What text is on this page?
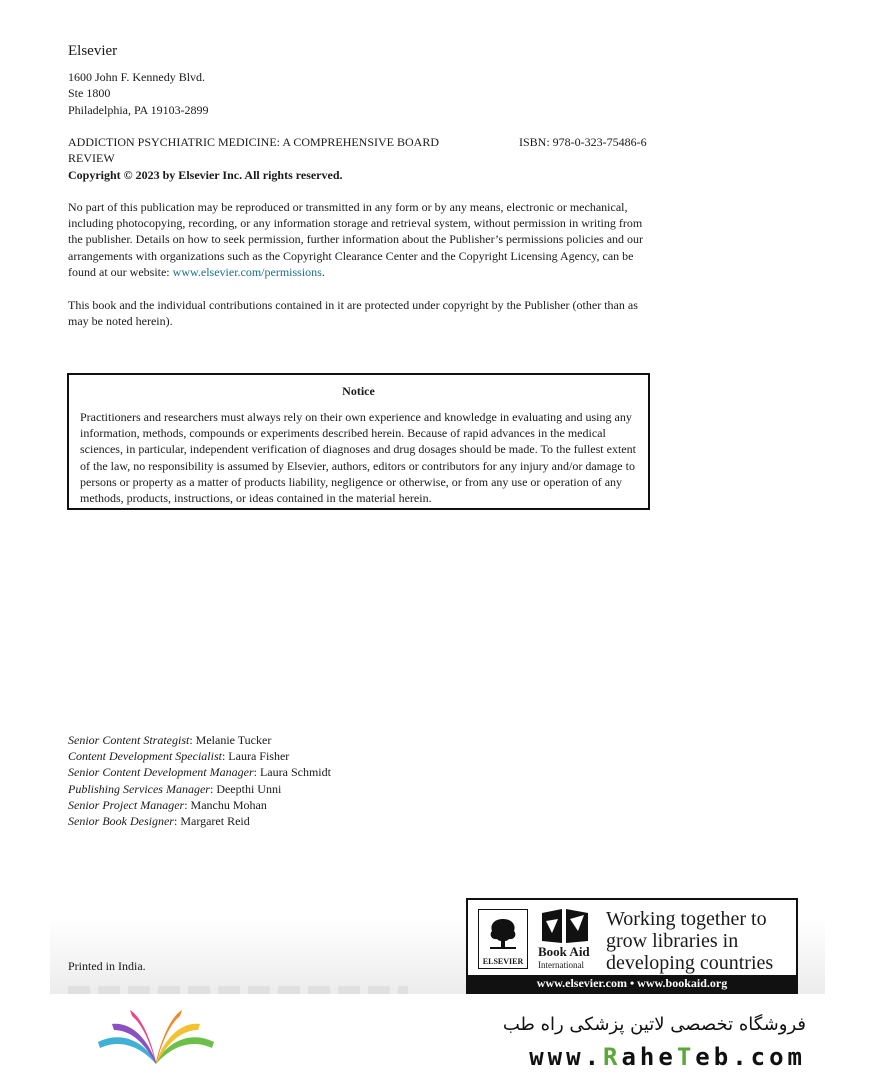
Elsevier
1600 John F. Kennedy Blvd.
Ste 1800
Philadelphia, PA 19103-2899
ADDICTION PSYCHIATRIC MEDICINE: A COMPREHENSIVE BOARD REVIEW
ISBN: 978-0-323-75486-6
Copyright © 2023 by Elsevier Inc. All rights reserved.
No part of this publication may be reproduced or transmitted in any form or by any means, electronic or mechanical, including photocopying, recording, or any information storage and retrieval system, without permission in writing from the publisher. Details on how to seek permission, further information about the Publisher’s permissions policies and our arrangements with organizations such as the Copyright Clearance Center and the Copyright Licensing Agency, can be found at our website: www.elsevier.com/permissions.
This book and the individual contributions contained in it are protected under copyright by the Publisher (other than as may be noted herein).
Notice
Practitioners and researchers must always rely on their own experience and knowledge in evaluating and using any information, methods, compounds or experiments described herein. Because of rapid advances in the medical sciences, in particular, independent verification of diagnoses and drug dosages should be made. To the fullest extent of the law, no responsibility is assumed by Elsevier, authors, editors or contributors for any injury and/or damage to persons or property as a matter of products liability, negligence or otherwise, or from any use or operation of any methods, products, instructions, or ideas contained in the material herein.
Senior Content Strategist: Melanie Tucker
Content Development Specialist: Laura Fisher
Senior Content Development Manager: Laura Schmidt
Publishing Services Manager: Deepthi Unni
Senior Project Manager: Manchu Mohan
Senior Book Designer: Margaret Reid
Printed in India.	ELSEVIER
Book Aid
International
Working together to grow libraries in developing countries
www.elsevier.com • www.bookaid.org
فروشگاه تخصصی لاتین پزشکی راه طب
www.RaheTeb.com
